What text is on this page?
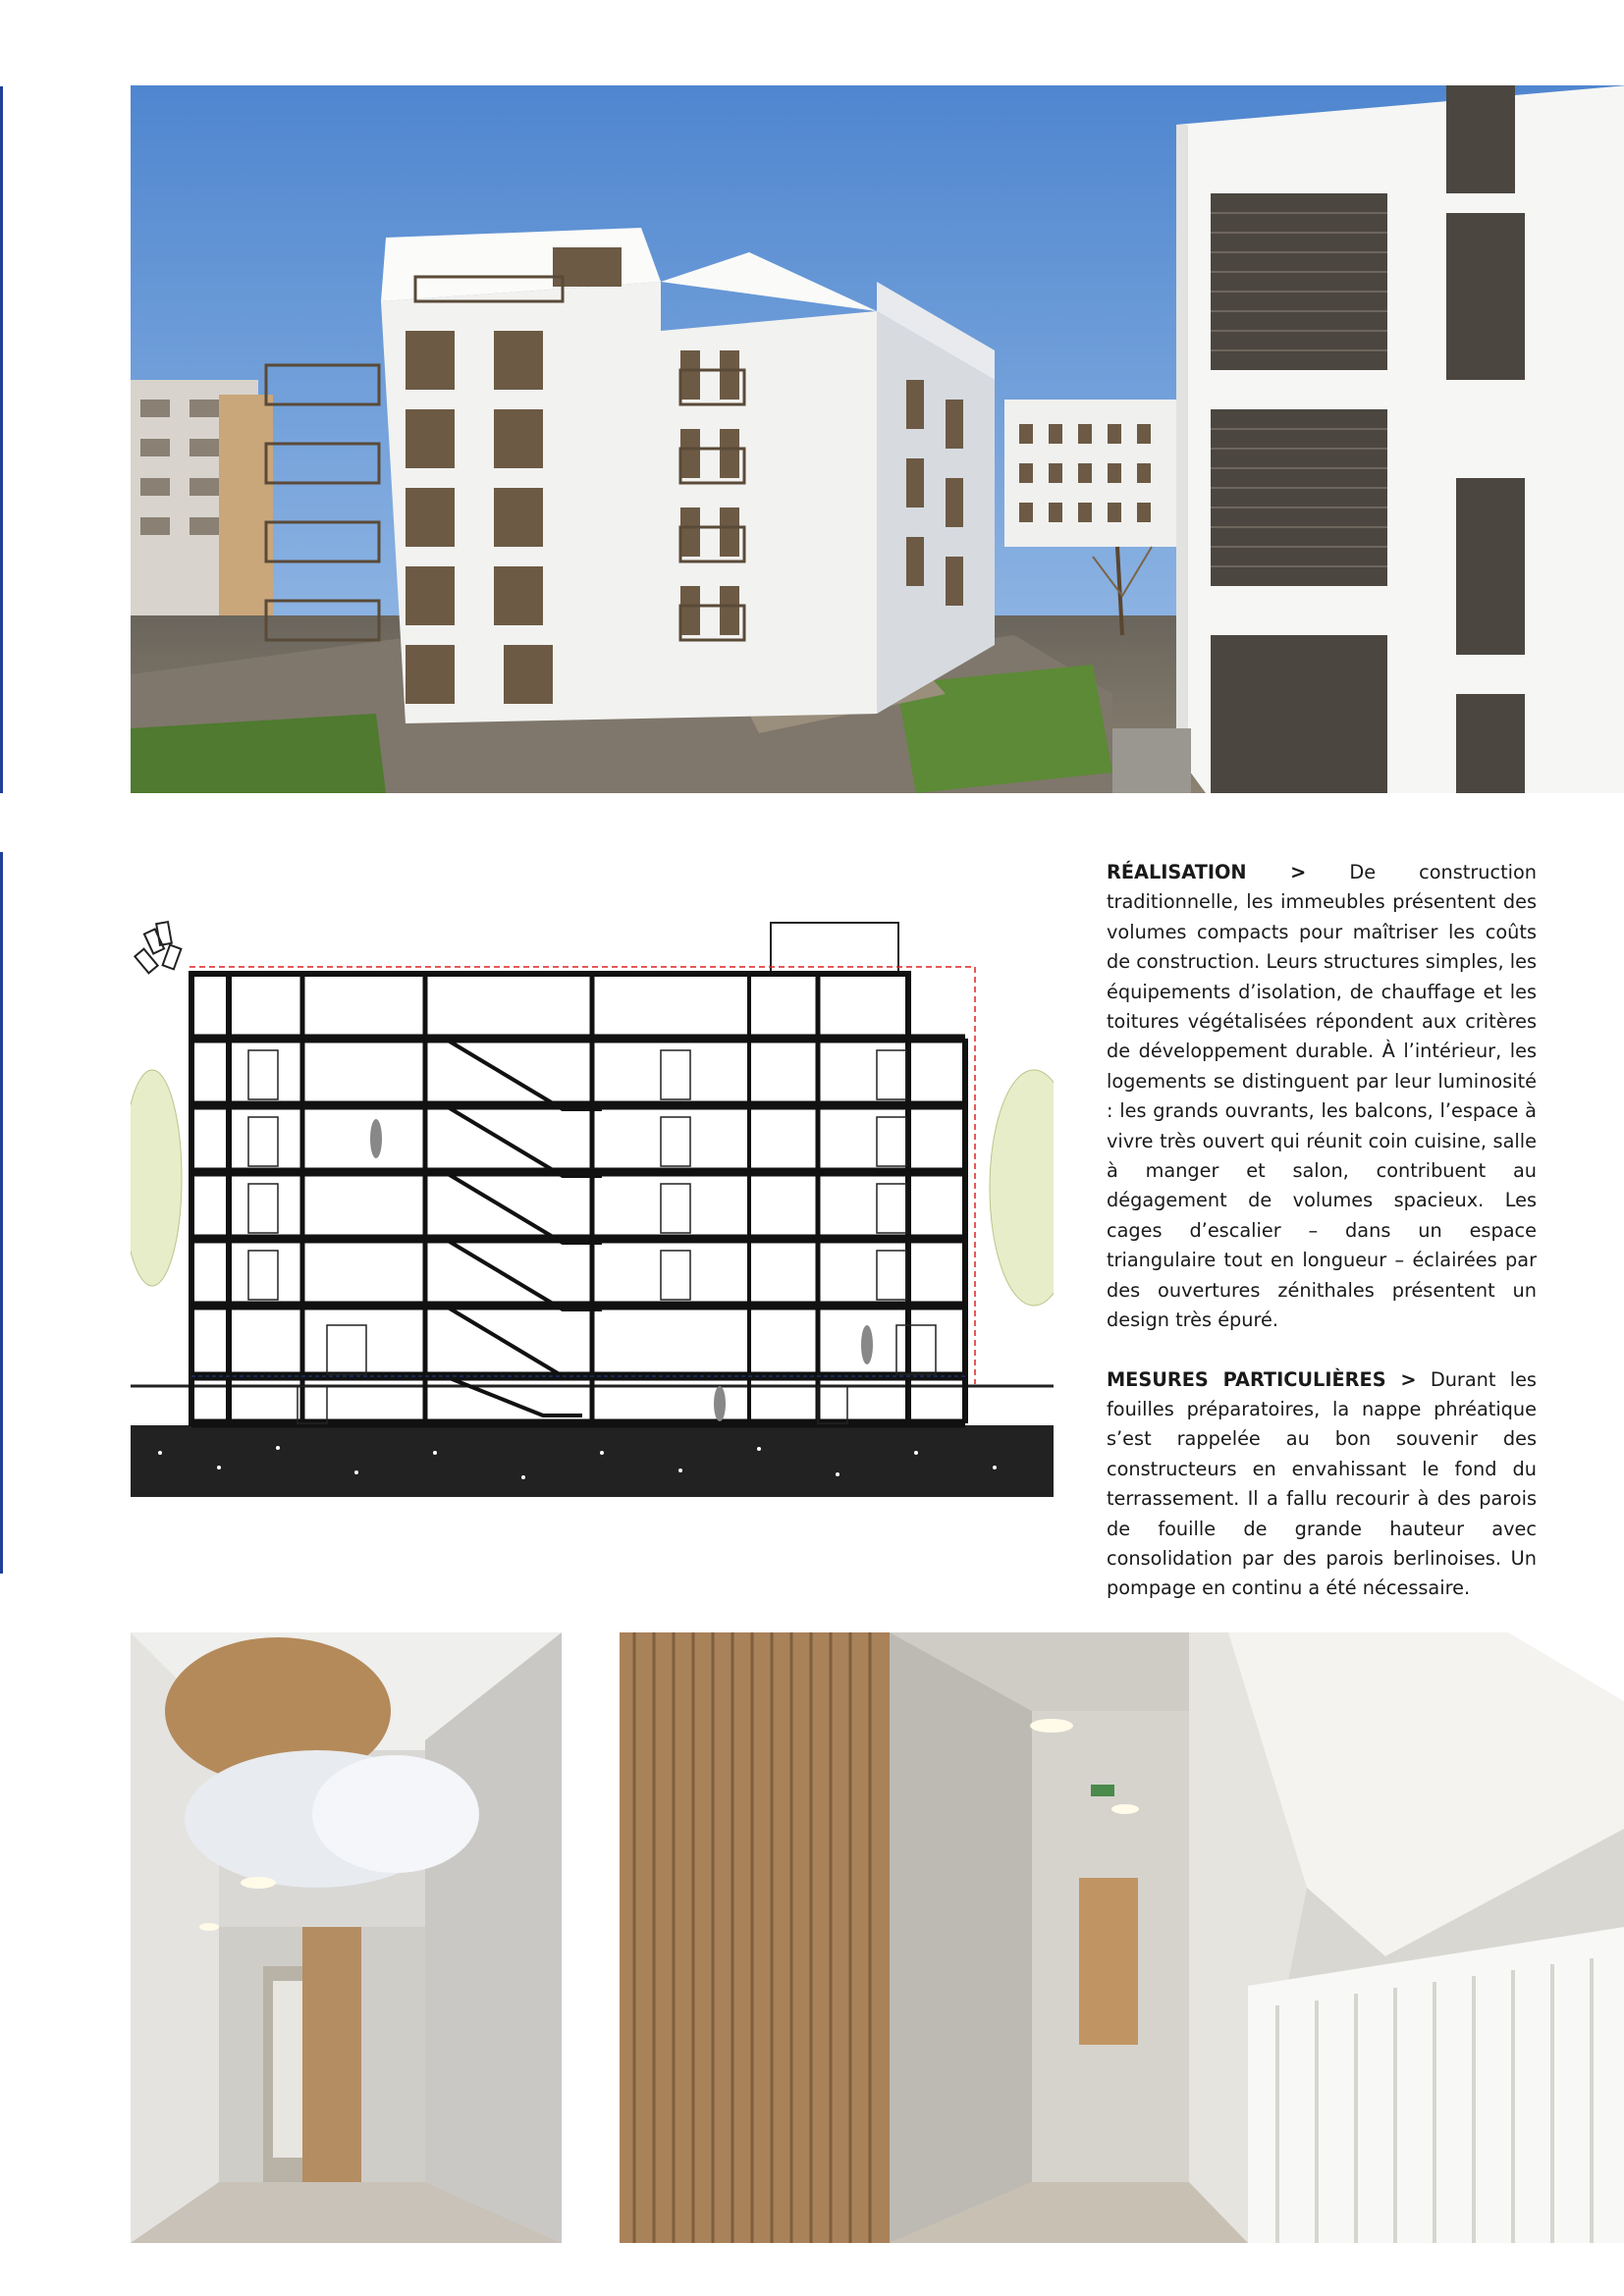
RÉALISATION > De construction traditionnelle, les immeubles présentent des volumes compacts pour maîtriser les coûts de construction. Leurs structures simples, les équipements d’isolation, de chauffage et les toitures végétalisées répondent aux critères de développement durable. À l’intérieur, les logements se distinguent par leur luminosité : les grands ouvrants, les balcons, l’espace à vivre très ouvert qui réunit coin cuisine, salle à manger et salon, contribuent au dégagement de volumes spacieux. Les cages d’escalier – dans un espace triangulaire tout en longueur – éclairées par des ouvertures zénithales présentent un design très épuré.

MESURES PARTICULIÈRES > Durant les fouilles préparatoires, la nappe phréatique s’est rappelée au bon souvenir des constructeurs en envahissant le fond du terrassement. Il a fallu recourir à des parois de fouille de grande hauteur avec consolidation par des parois berlinoises. Un pompage en continu a été nécessaire.
